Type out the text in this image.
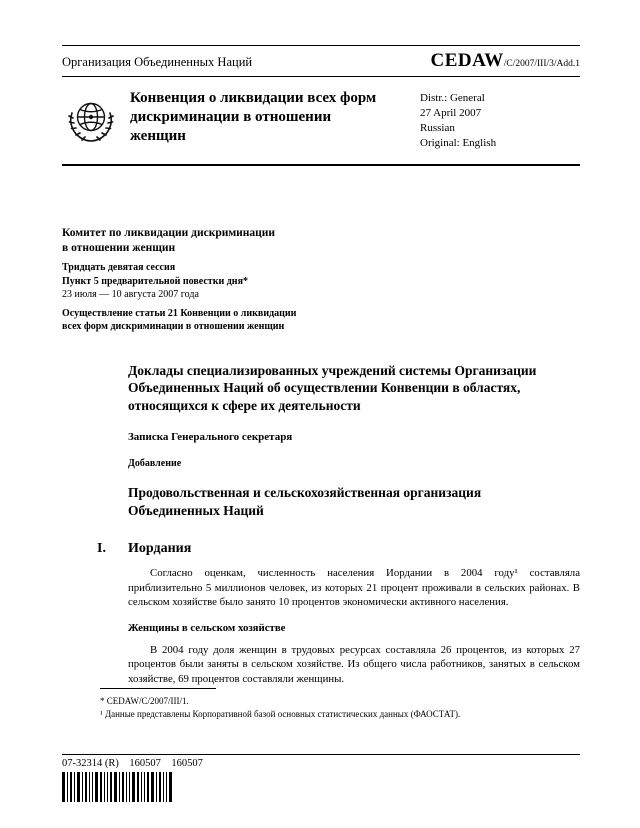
Организация Объединенных Наций	CEDAW/C/2007/III/3/Add.1
Конвенция о ликвидации всех форм дискриминации в отношении женщин
Distr.: General
27 April 2007
Russian
Original: English
Комитет по ликвидации дискриминации
в отношении женщин
Тридцать девятая сессия
Пункт 5 предварительной повестки дня*
23 июля — 10 августа 2007 года
Осуществление статьи 21 Конвенции о ликвидации
всех форм дискриминации в отношении женщин
Доклады специализированных учреждений системы Организации Объединенных Наций об осуществлении Конвенции в областях, относящихся к сфере их деятельности
Записка Генерального секретаря
Добавление
Продовольственная и сельскохозяйственная организация Объединенных Наций
I.	Иордания

Согласно оценкам, численность населения Иордании в 2004 году¹ составляла приблизительно 5 миллионов человек, из которых 21 процент проживали в сельских районах. В сельском хозяйстве было занято 10 процентов экономически активного населения.

Женщины в сельском хозяйстве

В 2004 году доля женщин в трудовых ресурсах составляла 26 процентов, из которых 27 процентов были заняты в сельском хозяйстве. Из общего числа работников, занятых в сельском хозяйстве, 69 процентов составляли женщины.

* CEDAW/C/2007/III/1.
¹ Данные представлены Корпоративной базой основных статистических данных (ФАОСТАТ).
07-32314 (R)    160507    160507
